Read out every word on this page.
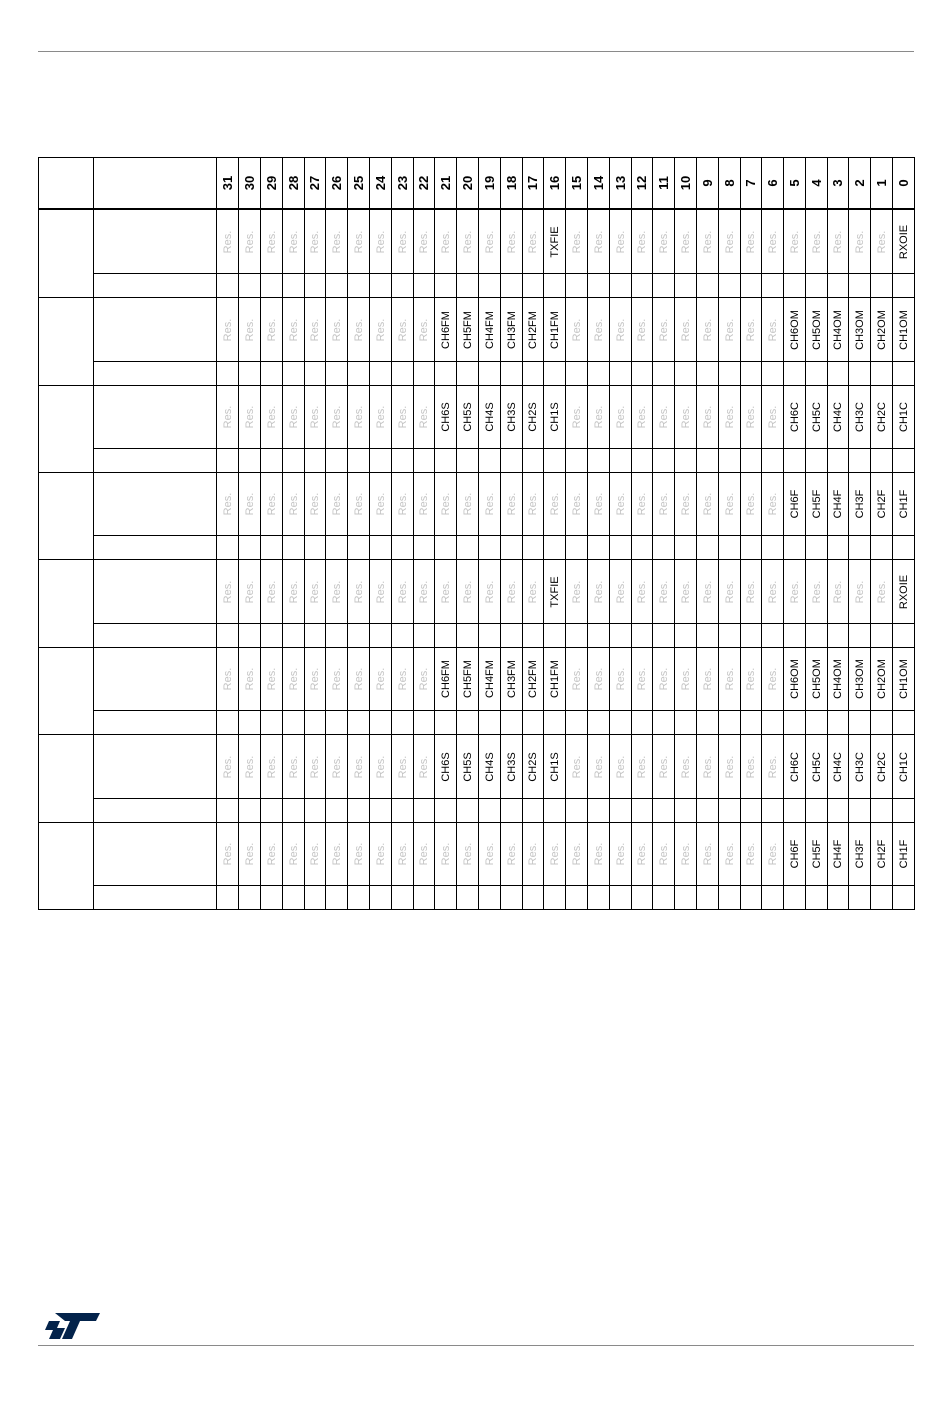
31 30 29 28 27 26 25 24 23 22 21 20 19 18 17 16 15 14 13 12 11 10 9 8 7 6 5 4 3 2 1 0
Res. Res. Res. Res. Res. Res. Res. Res. Res. Res. Res. Res. Res. Res. Res. TXFIE Res. Res. Res. Res. Res. Res. Res. Res. Res. Res. Res. Res. Res. Res. Res. RXOIE
Res. Res. Res. Res. Res. Res. Res. Res. Res. Res. CH6FM CH5FM CH4FM CH3FM CH2FM CH1FM Res. Res. Res. Res. Res. Res. Res. Res. Res. Res. CH6OM CH5OM CH4OM CH3OM CH2OM CH1OM
Res. Res. Res. Res. Res. Res. Res. Res. Res. Res. CH6S CH5S CH4S CH3S CH2S CH1S Res. Res. Res. Res. Res. Res. Res. Res. Res. Res. CH6C CH5C CH4C CH3C CH2C CH1C
Res. Res. Res. Res. Res. Res. Res. Res. Res. Res. Res. Res. Res. Res. Res. Res. Res. Res. Res. Res. Res. Res. Res. Res. Res. Res. CH6F CH5F CH4F CH3F CH2F CH1F
Res. Res. Res. Res. Res. Res. Res. Res. Res. Res. Res. Res. Res. Res. Res. TXFIE Res. Res. Res. Res. Res. Res. Res. Res. Res. Res. Res. Res. Res. Res. Res. RXOIE
Res. Res. Res. Res. Res. Res. Res. Res. Res. Res. CH6FM CH5FM CH4FM CH3FM CH2FM CH1FM Res. Res. Res. Res. Res. Res. Res. Res. Res. Res. CH6OM CH5OM CH4OM CH3OM CH2OM CH1OM
Res. Res. Res. Res. Res. Res. Res. Res. Res. Res. CH6S CH5S CH4S CH3S CH2S CH1S Res. Res. Res. Res. Res. Res. Res. Res. Res. Res. CH6C CH5C CH4C CH3C CH2C CH1C
Res. Res. Res. Res. Res. Res. Res. Res. Res. Res. Res. Res. Res. Res. Res. Res. Res. Res. Res. Res. Res. Res. Res. Res. Res. Res. CH6F CH5F CH4F CH3F CH2F CH1F
